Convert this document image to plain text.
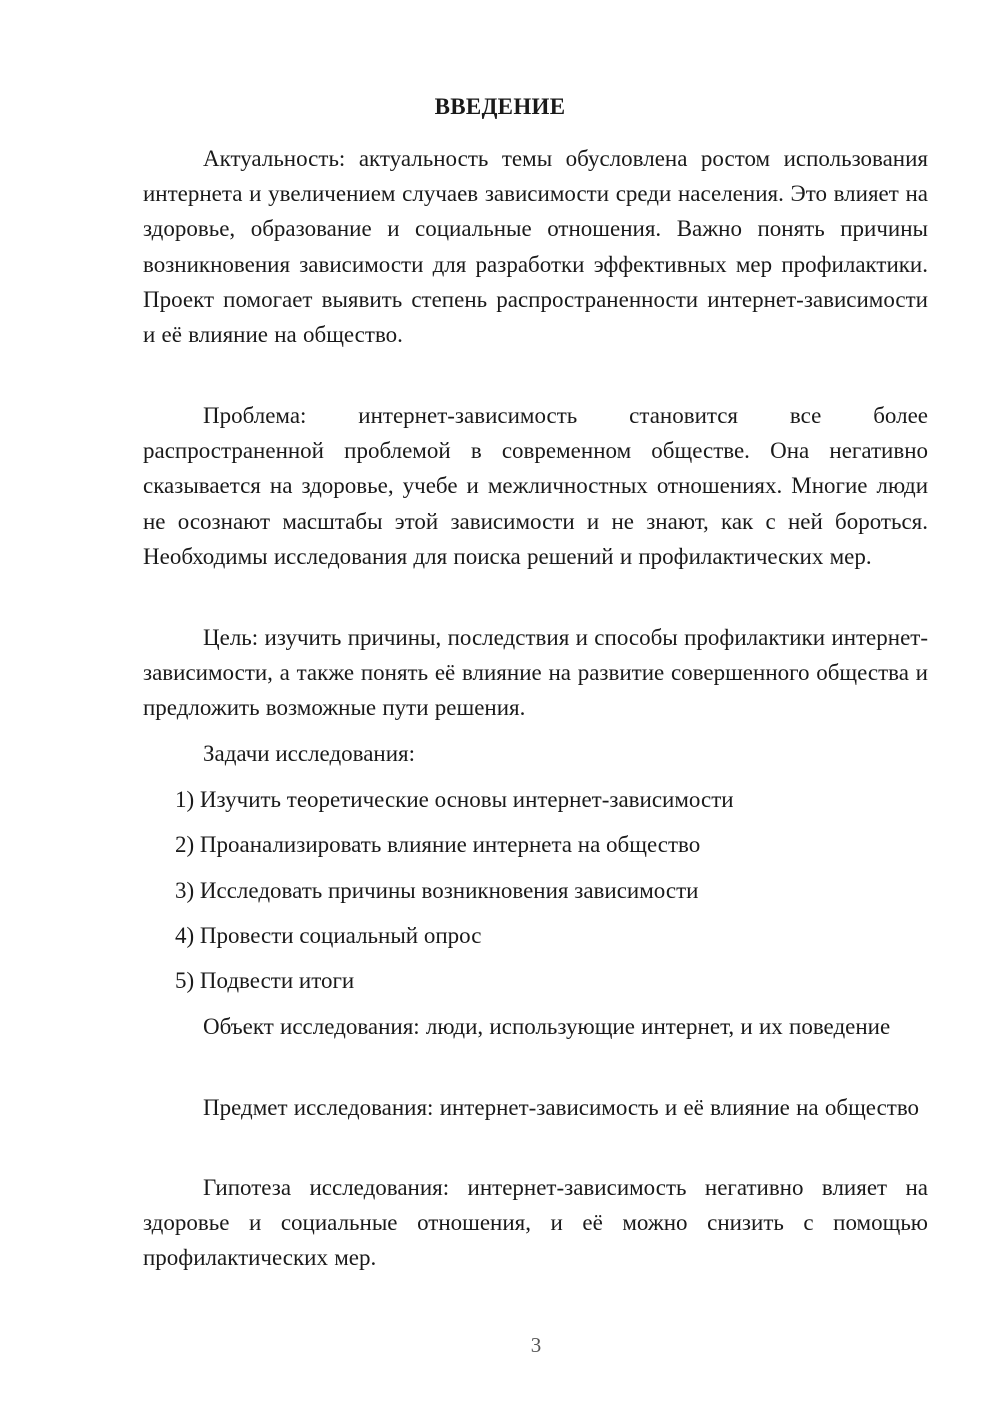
ВВЕДЕНИЕ

Актуальность: актуальность темы обусловлена ростом использования интернета и увеличением случаев зависимости среди населения. Это влияет на здоровье, образование и социальные отношения. Важно понять причины возникновения зависимости для разработки эффективных мер профилактики. Проект помогает выявить степень распространенности интернет-зависимости и её влияние на общество.

Проблема: интернет-зависимость становится все более распространенной проблемой в современном обществе. Она негативно сказывается на здоровье, учебе и межличностных отношениях. Многие люди не осознают масштабы этой зависимости и не знают, как с ней бороться. Необходимы исследования для поиска решений и профилактических мер.

Цель: изучить причины, последствия и способы профилактики интернет-зависимости, а также понять её влияние на развитие совершенного общества и предложить возможные пути решения.

Задачи исследования:

1) Изучить теоретические основы интернет-зависимости

2) Проанализировать влияние интернета на общество

3) Исследовать причины возникновения зависимости

4) Провести социальный опрос

5) Подвести итоги

Объект исследования: люди, использующие интернет, и их поведение

Предмет исследования: интернет-зависимость и её влияние на общество

Гипотеза исследования: интернет-зависимость негативно влияет на здоровье и социальные отношения, и её можно снизить с помощью профилактических мер.

3
